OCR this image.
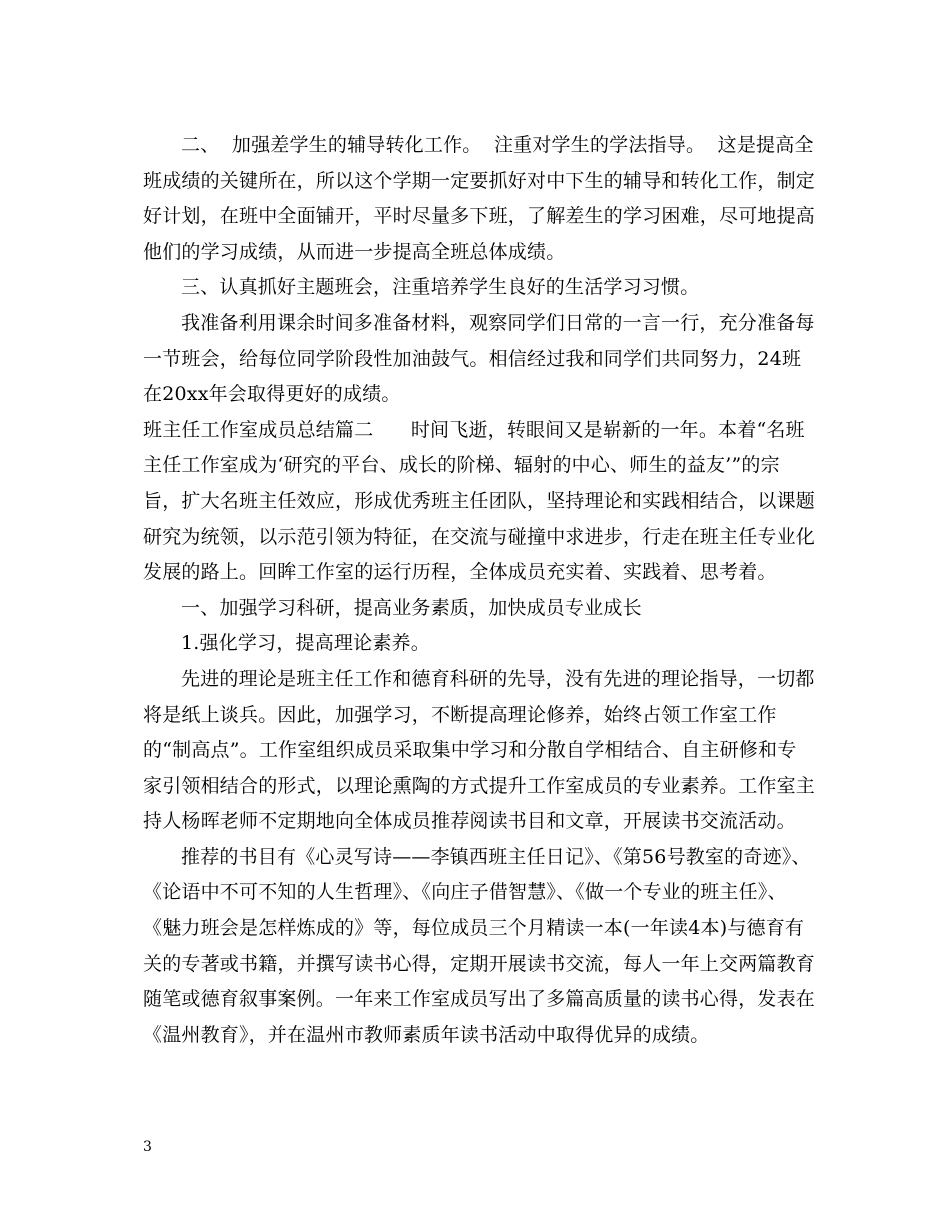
二、  加强差学生的辅导转化工作。  注重对学生的学法指导。  这是提高全班成绩的关键所在，所以这个学期一定要抓好对中下生的辅导和转化工作，制定好计划，在班中全面铺开，平时尽量多下班，了解差生的学习困难，尽可地提高他们的学习成绩，从而进一步提高全班总体成绩。

三、认真抓好主题班会，注重培养学生良好的生活学习习惯。

我准备利用课余时间多准备材料，观察同学们日常的一言一行，充分准备每一节班会，给每位同学阶段性加油鼓气。相信经过我和同学们共同努力，24班在20xx年会取得更好的成绩。

班主任工作室成员总结篇二      时间飞逝，转眼间又是崭新的一年。本着“名班主任工作室成为‘研究的平台、成长的阶梯、辐射的中心、师生的益友’”的宗旨，扩大名班主任效应，形成优秀班主任团队，坚持理论和实践相结合，以课题研究为统领，以示范引领为特征，在交流与碰撞中求进步，行走在班主任专业化发展的路上。回眸工作室的运行历程，全体成员充实着、实践着、思考着。

一、加强学习科研，提高业务素质，加快成员专业成长

1.强化学习，提高理论素养。

先进的理论是班主任工作和德育科研的先导，没有先进的理论指导，一切都将是纸上谈兵。因此，加强学习，不断提高理论修养，始终占领工作室工作的“制高点”。工作室组织成员采取集中学习和分散自学相结合、自主研修和专家引领相结合的形式，以理论熏陶的方式提升工作室成员的专业素养。工作室主持人杨晖老师不定期地向全体成员推荐阅读书目和文章，开展读书交流活动。

推荐的书目有《心灵写诗——李镇西班主任日记》、《第56号教室的奇迹》、《论语中不可不知的人生哲理》、《向庄子借智慧》、《做一个专业的班主任》、《魅力班会是怎样炼成的》等，每位成员三个月精读一本(一年读4本)与德育有关的专著或书籍，并撰写读书心得，定期开展读书交流，每人一年上交两篇教育随笔或德育叙事案例。一年来工作室成员写出了多篇高质量的读书心得，发表在《温州教育》，并在温州市教师素质年读书活动中取得优异的成绩。

3
